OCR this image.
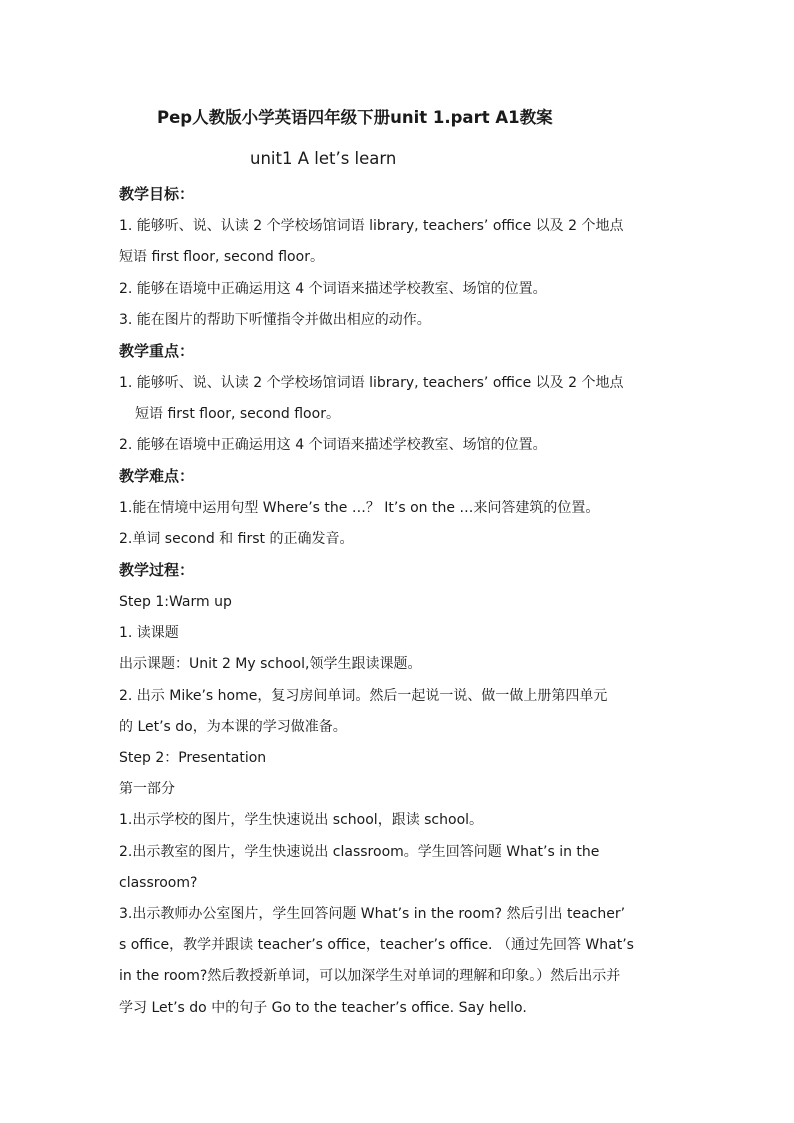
Pep人教版小学英语四年级下册unit 1.part A1教案
unit1 A let’s learn
教学目标：
1. 能够听、说、认读 2 个学校场馆词语 library, teachers’ office 以及 2 个地点
短语 first floor, second floor。
2. 能够在语境中正确运用这 4 个词语来描述学校教室、场馆的位置。
3. 能在图片的帮助下听懂指令并做出相应的动作。
教学重点：
1. 能够听、说、认读 2 个学校场馆词语 library, teachers’ office 以及 2 个地点
短语 first floor, second floor。
2. 能够在语境中正确运用这 4 个词语来描述学校教室、场馆的位置。
教学难点：
1.能在情境中运用句型 Where’s the …？ It’s on the …来问答建筑的位置。
2.单词 second 和 first 的正确发音。
教学过程：
Step 1:Warm up
1. 读课题
出示课题：Unit 2 My school,领学生跟读课题。
2. 出示 Mike’s home，复习房间单词。然后一起说一说、做一做上册第四单元
的 Let’s do，为本课的学习做准备。
Step 2：Presentation
第一部分
1.出示学校的图片，学生快速说出 school，跟读 school。
2.出示教室的图片，学生快速说出 classroom。学生回答问题 What’s in the
classroom?
3.出示教师办公室图片，学生回答问题 What’s in the room? 然后引出 teacher’
s office，教学并跟读 teacher’s office，teacher’s office. （通过先回答 What’s
in the room?然后教授新单词，可以加深学生对单词的理解和印象。）然后出示并
学习 Let’s do 中的句子 Go to the teacher’s office. Say hello.
